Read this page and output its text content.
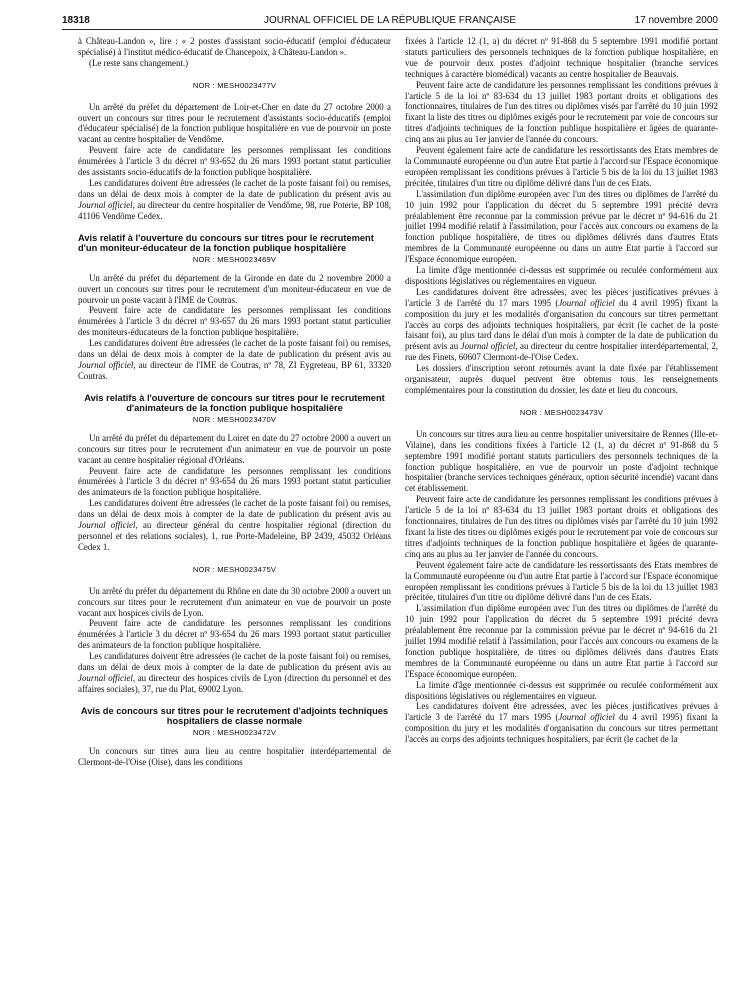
18318	JOURNAL OFFICIEL DE LA RÉPUBLIQUE FRANÇAISE	17 novembre 2000

à Château-Landon », lire : « 2 postes d'assistant socio-éducatif (emploi d'éducateur spécialisé) à l'institut médico-éducatif de Chancepoix, à Château-Landon ».

(Le reste sans changement.)

NOR : MESH0023477V

Un arrêté du préfet du département de Loir-et-Cher en date du 27 octobre 2000 a ouvert un concours sur titres pour le recrutement d'assistants socio-éducatifs (emploi d'éducateur spécialisé) de la fonction publique hospitalière en vue de pourvoir un poste vacant au centre hospitalier de Vendôme.

Peuvent faire acte de candidature les personnes remplissant les conditions énumérées à l'article 3 du décret nº 93-652 du 26 mars 1993 portant statut particulier des assistants socio-éducatifs de la fonction publique hospitalière.

Les candidatures doivent être adressées (le cachet de la poste faisant foi) ou remises, dans un délai de deux mois à compter de la date de publication du présent avis au Journal officiel, au directeur du centre hospitalier de Vendôme, 98, rue Poterie, BP 108, 41106 Vendôme Cedex.

Avis relatif à l'ouverture du concours sur titres pour le recrutement d'un moniteur-éducateur de la fonction publique hospitalière
NOR : MESH0023469V

Un arrêté du préfet du département de la Gironde en date du 2 novembre 2000 a ouvert un concours sur titres pour le recrutement d'un moniteur-éducateur en vue de pourvoir un poste vacant à l'IME de Coutras.

Peuvent faire acte de candidature les personnes remplissant les conditions énumérées à l'article 3 du décret nº 93-657 du 26 mars 1993 portant statut particulier des moniteurs-éducateurs de la fonction publique hospitalière.

Les candidatures doivent être adressées (le cachet de la poste faisant foi) ou remises, dans un délai de deux mois à compter de la date de publication du présent avis au Journal officiel, au directeur de l'IME de Coutras, nº 78, ZI Eygreteau, BP 61, 33320 Coutras.

Avis relatifs à l'ouverture de concours sur titres pour le recrutement d'animateurs de la fonction publique hospitalière
NOR : MESH0023470V

Un arrêté du préfet du département du Loiret en date du 27 octobre 2000 a ouvert un concours sur titres pour le recrutement d'un animateur en vue de pourvoir un poste vacant au centre hospitalier régional d'Orléans.

Peuvent faire acte de candidature les personnes remplissant les conditions énumérées à l'article 3 du décret nº 93-654 du 26 mars 1993 portant statut particulier des animateurs de la fonction publique hospitalière.

Les candidatures doivent être adressées (le cachet de la poste faisant foi) ou remises, dans un délai de deux mois à compter de la date de publication du présent avis au Journal officiel, au directeur général du centre hospitalier régional (direction du personnel et des relations sociales), 1, rue Porte-Madeleine, BP 2439, 45032 Orléans Cedex 1.

NOR : MESH0023475V

Un arrêté du préfet du département du Rhône en date du 30 octobre 2000 a ouvert un concours sur titres pour le recrutement d'un animateur en vue de pourvoir un poste vacant aux hospices civils de Lyon.

Peuvent faire acte de candidature les personnes remplissant les conditions énumérées à l'article 3 du décret nº 93-654 du 26 mars 1993 portant statut particulier des animateurs de la fonction publique hospitalière.

Les candidatures doivent être adressées (le cachet de la poste faisant foi) ou remises, dans un délai de deux mois à compter de la date de publication du présent avis au Journal officiel, au directeur des hospices civils de Lyon (direction du personnel et des affaires sociales), 37, rue du Plat, 69002 Lyon.

Avis de concours sur titres pour le recrutement d'adjoints techniques hospitaliers de classe normale
NOR : MESH0023472V

Un concours sur titres aura lieu au centre hospitalier interdépartemental de Clermont-de-l'Oise (Oise), dans les conditions

fixées à l'article 12 (1, a) du décret nº 91-868 du 5 septembre 1991 modifié portant statuts particuliers des personnels techniques de la fonction publique hospitalière, en vue de pourvoir deux postes d'adjoint technique hospitalier (branche services techniques à caractère biomédical) vacants au centre hospitalier de Beauvais.

Peuvent faire acte de candidature les personnes remplissant les conditions prévues à l'article 5 de la loi nº 83-634 du 13 juillet 1983 portant droits et obligations des fonctionnaires, titulaires de l'un des titres ou diplômes visés par l'arrêté du 10 juin 1992 fixant la liste des titres ou diplômes exigés pour le recrutement par voie de concours sur titres d'adjoints techniques de la fonction publique hospitalière et âgées de quarante-cinq ans au plus au 1er janvier de l'année du concours.

Peuvent également faire acte de candidature les ressortissants des Etats membres de la Communauté européenne ou d'un autre Etat partie à l'accord sur l'Espace économique européen remplissant les conditions prévues à l'article 5 bis de la loi du 13 juillet 1983 précitée, titulaires d'un titre ou diplôme délivré dans l'un de ces Etats.

L'assimilation d'un diplôme européen avec l'un des titres ou diplômes de l'arrêté du 10 juin 1992 pour l'application du décret du 5 septembre 1991 précité devra préalablement être reconnue par la commission prévue par le décret nº 94-616 du 21 juillet 1994 modifié relatif à l'assimilation, pour l'accès aux concours ou examens de la fonction publique hospitalière, de titres ou diplômes délivrés dans d'autres Etats membres de la Communauté européenne ou dans un autre Etat partie à l'accord sur l'Espace économique européen.

La limite d'âge mentionnée ci-dessus est supprimée ou reculée conformément aux dispositions législatives ou réglementaires en vigueur.

Les candidatures doivent être adressées, avec les pièces justificatives prévues à l'article 3 de l'arrêté du 17 mars 1995 (Journal officiel du 4 avril 1995) fixant la composition du jury et les modalités d'organisation du concours sur titres permettant l'accès au corps des adjoints techniques hospitaliers, par écrit (le cachet de la poste faisant foi), au plus tard dans le délai d'un mois à compter de la date de publication du présent avis au Journal officiel, au directeur du centre hospitalier interdépartemental, 2, rue des Finets, 60607 Clermont-de-l'Oise Cedex.

Les dossiers d'inscription seront retournés avant la date fixée par l'établissement organisateur, auprès duquel peuvent être obtenus tous les renseignements complémentaires pour la constitution du dossier, les date et lieu du concours.

NOR : MESH0023473V

Un concours sur titres aura lieu au centre hospitalier universitaire de Rennes (Ille-et-Vilaine), dans les conditions fixées à l'article 12 (1, a) du décret nº 91-868 du 5 septembre 1991 modifié portant statuts particuliers des personnels techniques de la fonction publique hospitalière, en vue de pourvoir un poste d'adjoint technique hospitalier (branche services techniques généraux, option sécurité incendie) vacant dans cet établissement.

Peuvent faire acte de candidature les personnes remplissant les conditions prévues à l'article 5 de la loi nº 83-634 du 13 juillet 1983 portant droits et obligations des fonctionnaires, titulaires de l'un des titres ou diplômes visés par l'arrêté du 10 juin 1992 fixant la liste des titres ou diplômes exigés pour le recrutement par voie de concours sur titres d'adjoints techniques de la fonction publique hospitalière et âgées de quarante-cinq ans au plus au 1er janvier de l'année du concours.

Peuvent également faire acte de candidature les ressortissants des Etats membres de la Communauté européenne ou d'un autre Etat partie à l'accord sur l'Espace économique européen remplissant les conditions prévues à l'article 5 bis de la loi du 13 juillet 1983 précitée, titulaires d'un titre ou diplôme délivré dans l'un de ces Etats.

L'assimilation d'un diplôme européen avec l'un des titres ou diplômes de l'arrêté du 10 juin 1992 pour l'application du décret du 5 septembre 1991 précité devra préalablement être reconnue par la commission prévue par le décret nº 94-616 du 21 juillet 1994 modifié relatif à l'assimilation, pour l'accès aux concours ou examens de la fonction publique hospitalière, de titres ou diplômes délivrés dans d'autres Etats membres de la Communauté européenne ou dans un autre Etat partie à l'accord sur l'Espace économique européen.

La limite d'âge mentionnée ci-dessus est supprimée ou reculée conformément aux dispositions législatives ou réglementaires en vigueur.

Les candidatures doivent être adressées, avec les pièces justificatives prévues à l'article 3 de l'arrêté du 17 mars 1995 (Journal officiel du 4 avril 1995) fixant la composition du jury et les modalités d'organisation du concours sur titres permettant l'accès au corps des adjoints techniques hospitaliers, par écrit (le cachet de la
